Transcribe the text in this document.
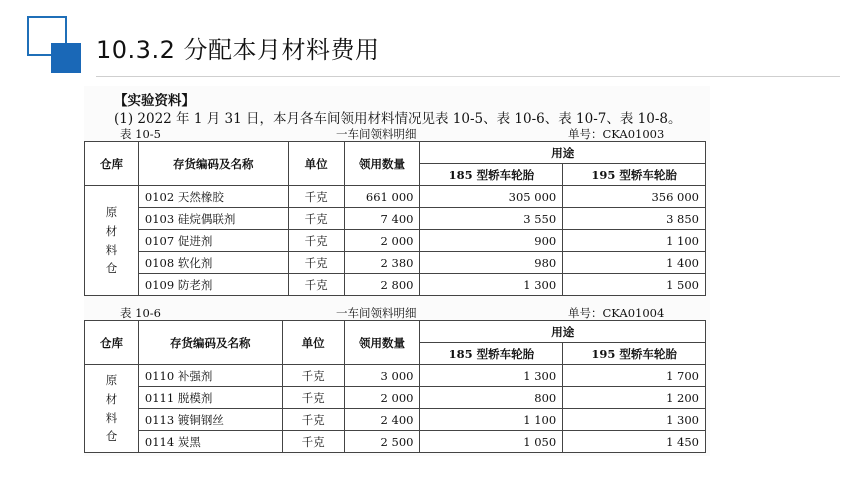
10.3.2 分配本月材料费用
【实验资料】
(1) 2022 年 1 月 31 日，本月各车间领用材料情况见表 10-5、表 10-6、表 10-7、表 10-8。
表 10-5	一车间领料明细	单号：CKA01003
仓库	存货编码及名称	单位	领用数量	用途	
				185 型轿车轮胎	195 型轿车轮胎

原
材
料
仓	0102 天然橡胶	千克	661 000	305 000	356 000
	0103 硅烷偶联剂	千克	7 400	3 550	3 850
	0107 促进剂	千克	2 000	900	1 100
	0108 软化剂	千克	2 380	980	1 400
	0109 防老剂	千克	2 800	1 300	1 500
表 10-6	一车间领料明细	单号：CKA01004
仓库	存货编码及名称	单位	领用数量	用途	
				185 型轿车轮胎	195 型轿车轮胎

原
材
料
仓	0110 补强剂	千克	3 000	1 300	1 700
	0111 脱模剂	千克	2 000	800	1 200
	0113 镀铜钢丝	千克	2 400	1 100	1 300
	0114 炭黑	千克	2 500	1 050	1 450
